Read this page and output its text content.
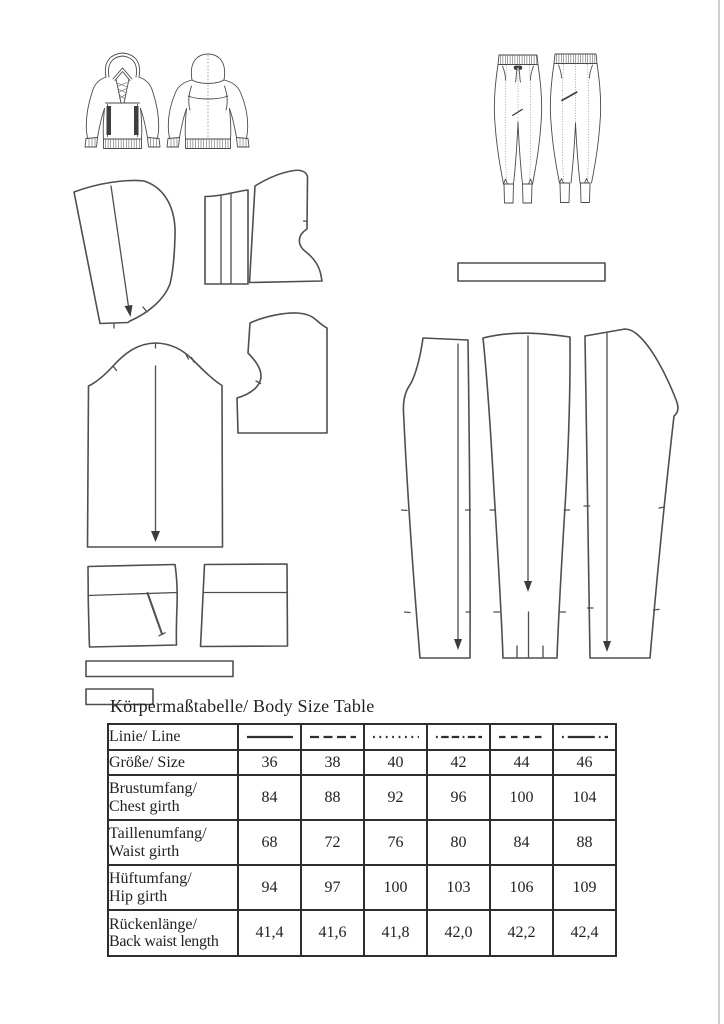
Körpermaßtabelle/ Body Size Table
Linie/ Line	

Größe/ Size	36	38	40	42	44	46

Brustumfang/
Chest girth	84	88	92	96	100	104

Taillenumfang/
Waist girth	68	72	76	80	84	88

Hüftumfang/
Hip girth	94	97	100	103	106	109

Rückenlänge/
Back waist length	41,4	41,6	41,8	42,0	42,2	42,4
